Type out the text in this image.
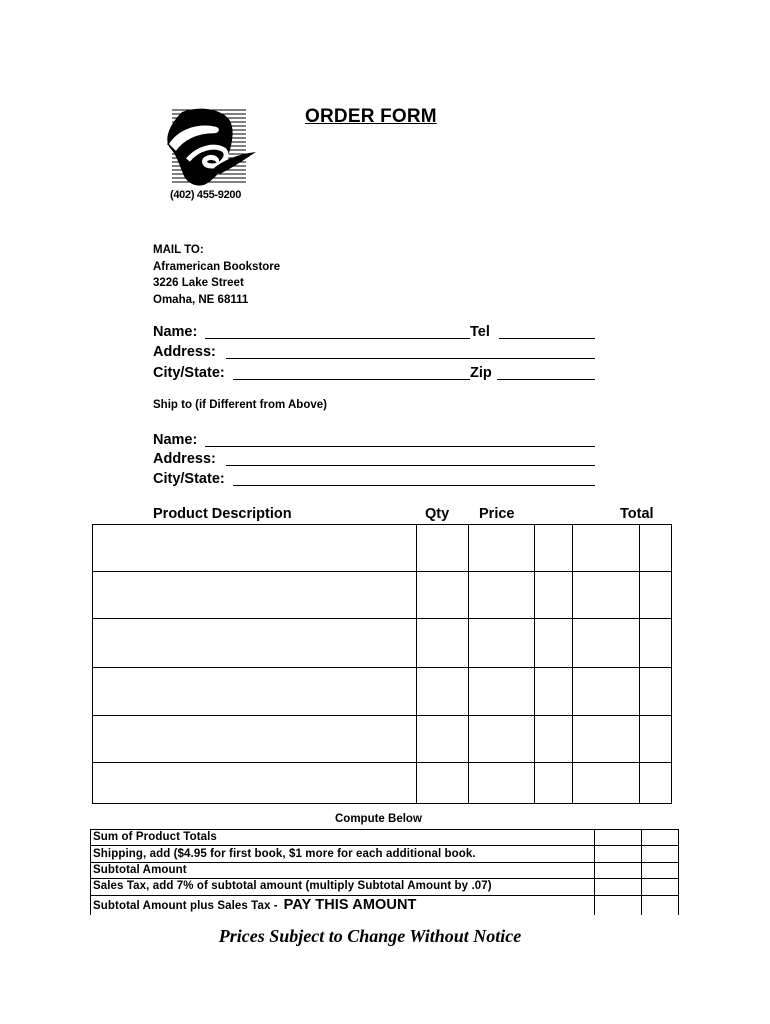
(402) 455-9200
ORDER FORM
MAIL TO:
Aframerican Bookstore
3226 Lake Street
Omaha, NE 68111
Name:	Tel
Address:
City/State:	Zip
Ship to (if Different from Above)
Name:
Address:
City/State:
Product Description	Qty Price	Total
Compute Below
Sum of Product Totals
Shipping, add ($4.95 for first book, $1 more for each additional book.
Subtotal Amount
Sales Tax, add 7% of subtotal amount (multiply Subtotal Amount by .07)
Subtotal Amount plus Sales Tax - PAY THIS AMOUNT
Prices Subject to Change Without Notice
